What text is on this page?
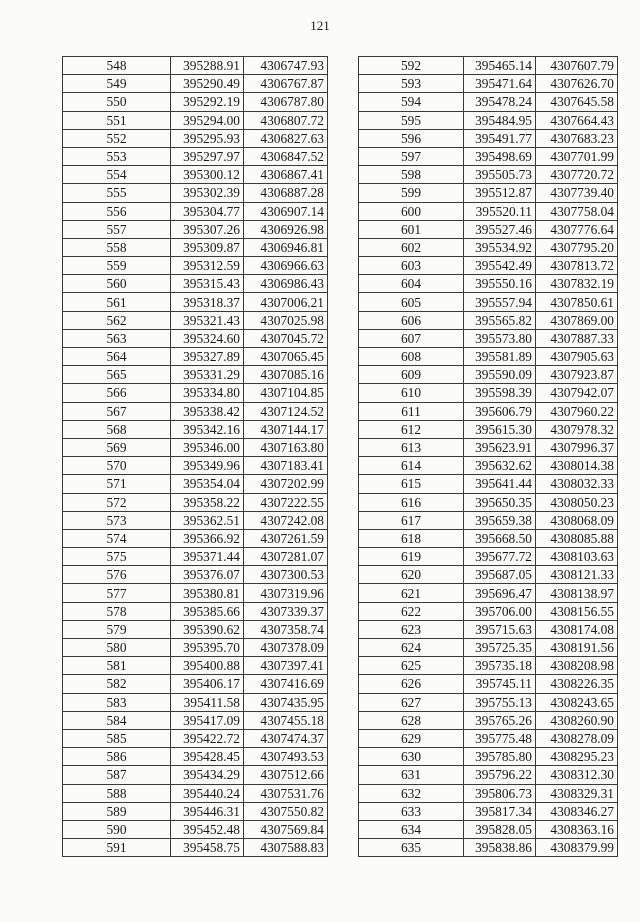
121
548	395288.91	4306747.93
549	395290.49	4306767.87
550	395292.19	4306787.80
551	395294.00	4306807.72
552	395295.93	4306827.63
553	395297.97	4306847.52
554	395300.12	4306867.41
555	395302.39	4306887.28
556	395304.77	4306907.14
557	395307.26	4306926.98
558	395309.87	4306946.81
559	395312.59	4306966.63
560	395315.43	4306986.43
561	395318.37	4307006.21
562	395321.43	4307025.98
563	395324.60	4307045.72
564	395327.89	4307065.45
565	395331.29	4307085.16
566	395334.80	4307104.85
567	395338.42	4307124.52
568	395342.16	4307144.17
569	395346.00	4307163.80
570	395349.96	4307183.41
571	395354.04	4307202.99
572	395358.22	4307222.55
573	395362.51	4307242.08
574	395366.92	4307261.59
575	395371.44	4307281.07
576	395376.07	4307300.53
577	395380.81	4307319.96
578	395385.66	4307339.37
579	395390.62	4307358.74
580	395395.70	4307378.09
581	395400.88	4307397.41
582	395406.17	4307416.69
583	395411.58	4307435.95
584	395417.09	4307455.18
585	395422.72	4307474.37
586	395428.45	4307493.53
587	395434.29	4307512.66
588	395440.24	4307531.76
589	395446.31	4307550.82
590	395452.48	4307569.84
591	395458.75	4307588.83
592	395465.14	4307607.79
593	395471.64	4307626.70
594	395478.24	4307645.58
595	395484.95	4307664.43
596	395491.77	4307683.23
597	395498.69	4307701.99
598	395505.73	4307720.72
599	395512.87	4307739.40
600	395520.11	4307758.04
601	395527.46	4307776.64
602	395534.92	4307795.20
603	395542.49	4307813.72
604	395550.16	4307832.19
605	395557.94	4307850.61
606	395565.82	4307869.00
607	395573.80	4307887.33
608	395581.89	4307905.63
609	395590.09	4307923.87
610	395598.39	4307942.07
611	395606.79	4307960.22
612	395615.30	4307978.32
613	395623.91	4307996.37
614	395632.62	4308014.38
615	395641.44	4308032.33
616	395650.35	4308050.23
617	395659.38	4308068.09
618	395668.50	4308085.88
619	395677.72	4308103.63
620	395687.05	4308121.33
621	395696.47	4308138.97
622	395706.00	4308156.55
623	395715.63	4308174.08
624	395725.35	4308191.56
625	395735.18	4308208.98
626	395745.11	4308226.35
627	395755.13	4308243.65
628	395765.26	4308260.90
629	395775.48	4308278.09
630	395785.80	4308295.23
631	395796.22	4308312.30
632	395806.73	4308329.31
633	395817.34	4308346.27
634	395828.05	4308363.16
635	395838.86	4308379.99
